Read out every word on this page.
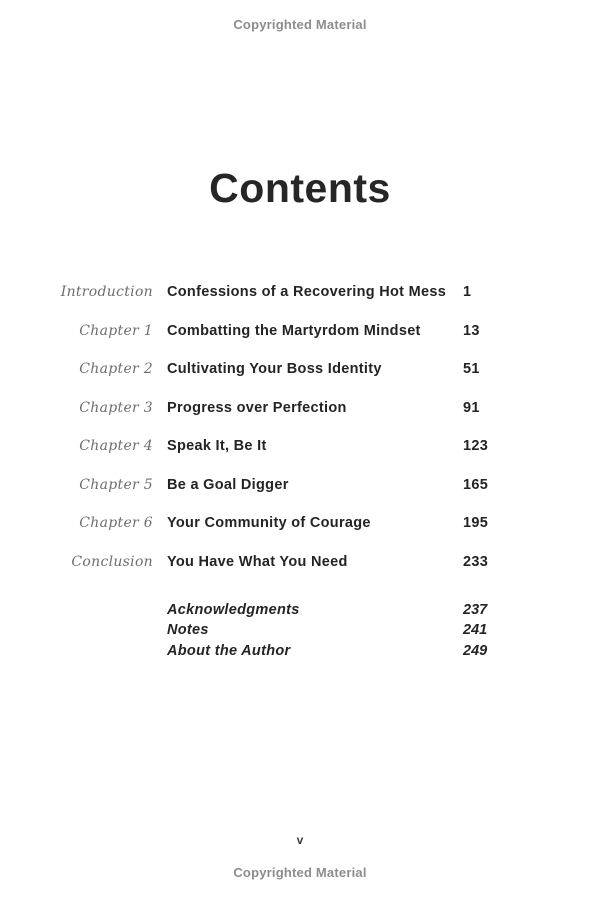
Copyrighted Material
Contents
Introduction Confessions of a Recovering Hot Mess	1
Chapter 1 Combatting the Martyrdom Mindset	13
Chapter 2 Cultivating Your Boss Identity	51
Chapter 3 Progress over Perfection	91
Chapter 4 Speak It, Be It	123
Chapter 5 Be a Goal Digger	165
Chapter 6 Your Community of Courage	195
Conclusion You Have What You Need	233
Acknowledgments	237
Notes	241
About the Author	249
v
Copyrighted Material
